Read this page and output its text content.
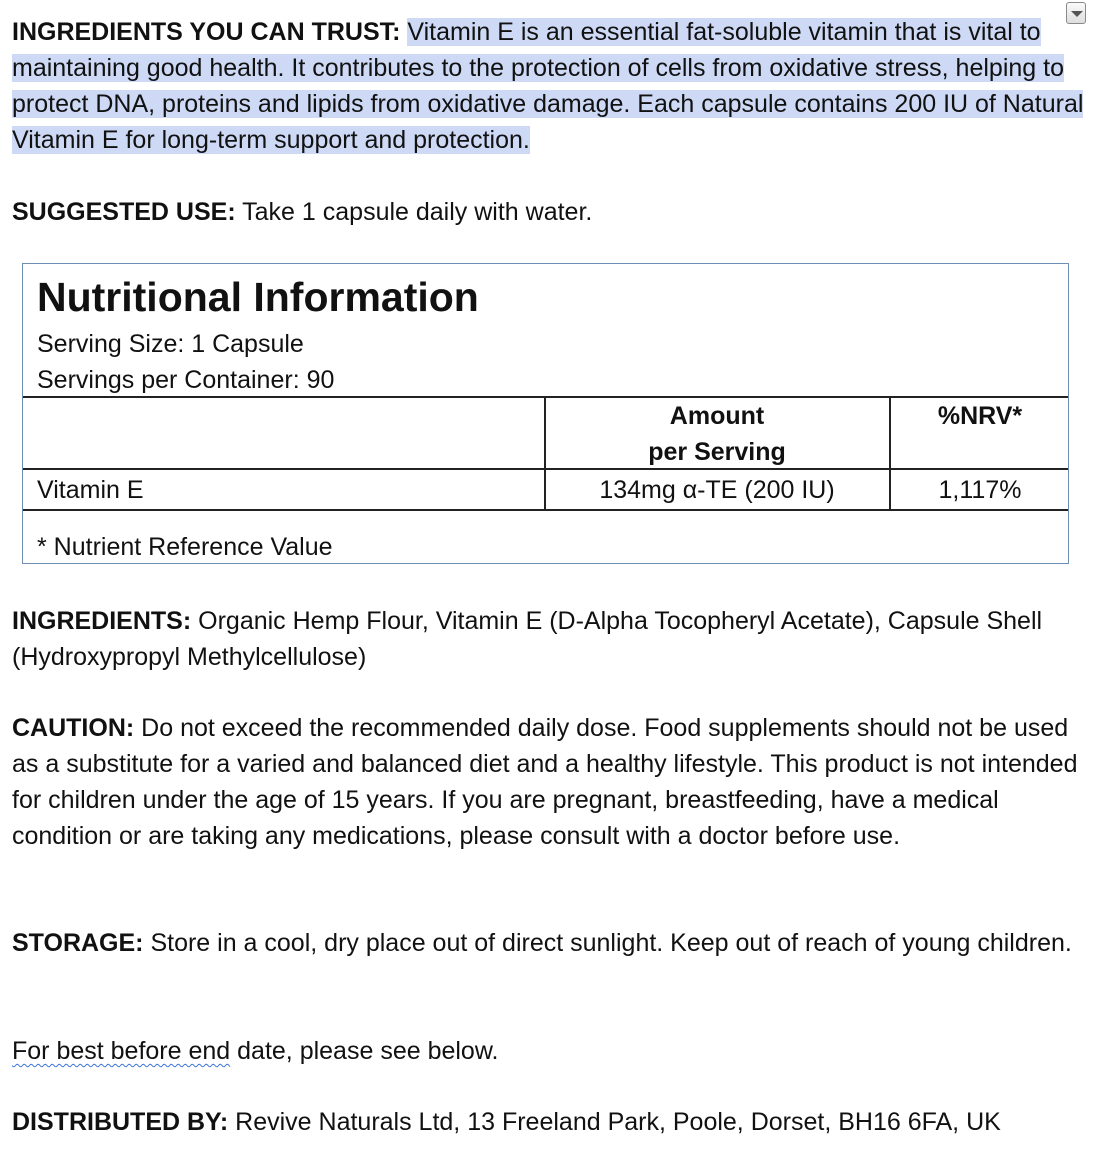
INGREDIENTS YOU CAN TRUST: Vitamin E is an essential fat-soluble vitamin that is vital to maintaining good health. It contributes to the protection of cells from oxidative stress, helping to protect DNA, proteins and lipids from oxidative damage. Each capsule contains 200 IU of Natural Vitamin E for long-term support and protection.

SUGGESTED USE: Take 1 capsule daily with water.

Nutritional Information
Serving Size: 1 Capsule
Servings per Container: 90
Amount
per Serving
%NRV*
Vitamin E	134mg α-TE (200 IU)	1,117%
* Nutrient Reference Value

INGREDIENTS: Organic Hemp Flour, Vitamin E (D-Alpha Tocopheryl Acetate), Capsule Shell (Hydroxypropyl Methylcellulose)

CAUTION: Do not exceed the recommended daily dose. Food supplements should not be used as a substitute for a varied and balanced diet and a healthy lifestyle. This product is not intended for children under the age of 15 years. If you are pregnant, breastfeeding, have a medical condition or are taking any medications, please consult with a doctor before use.

STORAGE: Store in a cool, dry place out of direct sunlight. Keep out of reach of young children.

For best before end date, please see below.

DISTRIBUTED BY: Revive Naturals Ltd, 13 Freeland Park, Poole, Dorset, BH16 6FA, UK
